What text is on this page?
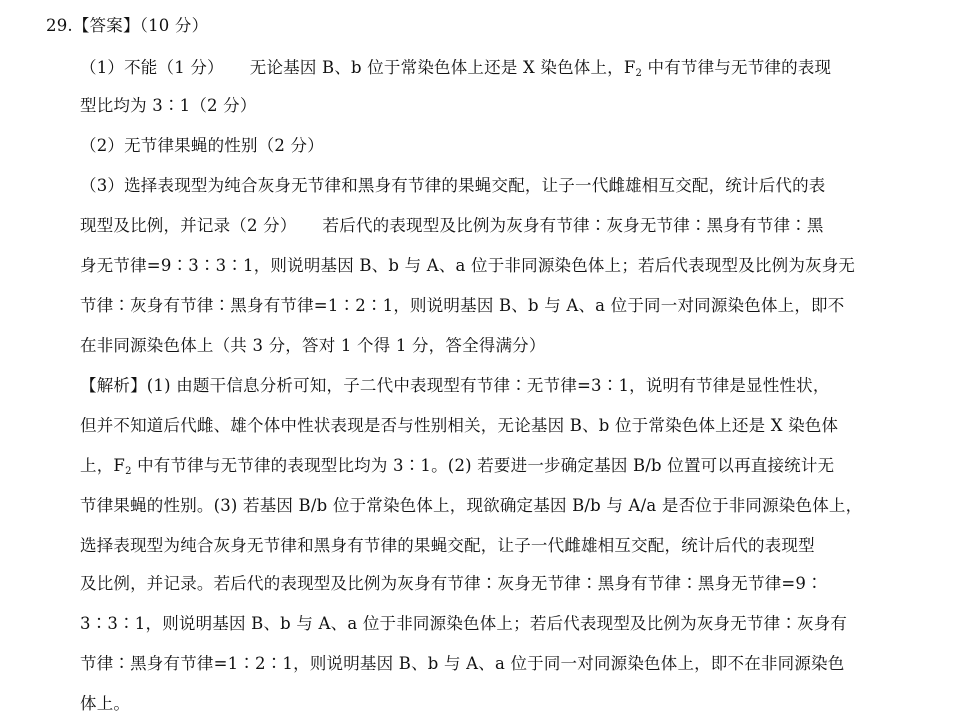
29.【答案】（10 分）
（1）不能（1 分） 无论基因 B、b 位于常染色体上还是 X 染色体上，$F_2$ 中有节律与无节律的表现
型比均为 3∶1（2 分）
（2）无节律果蝇的性别（2 分）
（3）选择表现型为纯合灰身无节律和黑身有节律的果蝇交配，让子一代雌雄相互交配，统计后代的表
现型及比例，并记录（2 分） 若后代的表现型及比例为灰身有节律∶灰身无节律∶黑身有节律∶黑
身无节律=9∶3∶3∶1，则说明基因 B、b 与 A、a 位于非同源染色体上；若后代表现型及比例为灰身无
节律∶灰身有节律∶黑身有节律=1∶2∶1，则说明基因 B、b 与 A、a 位于同一对同源染色体上，即不
在非同源染色体上（共 3 分，答对 1 个得 1 分，答全得满分）
【解析】(1) 由题干信息分析可知，子二代中表现型有节律∶无节律=3∶1，说明有节律是显性性状，
但并不知道后代雌、雄个体中性状表现是否与性别相关，无论基因 B、b 位于常染色体上还是 X 染色体
上，$F_2$ 中有节律与无节律的表现型比均为 3∶1。(2) 若要进一步确定基因 B/b 位置可以再直接统计无
节律果蝇的性别。(3) 若基因 B/b 位于常染色体上，现欲确定基因 B/b 与 A/a 是否位于非同源染色体上，
选择表现型为纯合灰身无节律和黑身有节律的果蝇交配，让子一代雌雄相互交配，统计后代的表现型
及比例，并记录。若后代的表现型及比例为灰身有节律∶灰身无节律∶黑身有节律∶黑身无节律=9∶
3∶3∶1，则说明基因 B、b 与 A、a 位于非同源染色体上；若后代表现型及比例为灰身无节律∶灰身有
节律∶黑身有节律=1∶2∶1，则说明基因 B、b 与 A、a 位于同一对同源染色体上，即不在非同源染色
体上。
